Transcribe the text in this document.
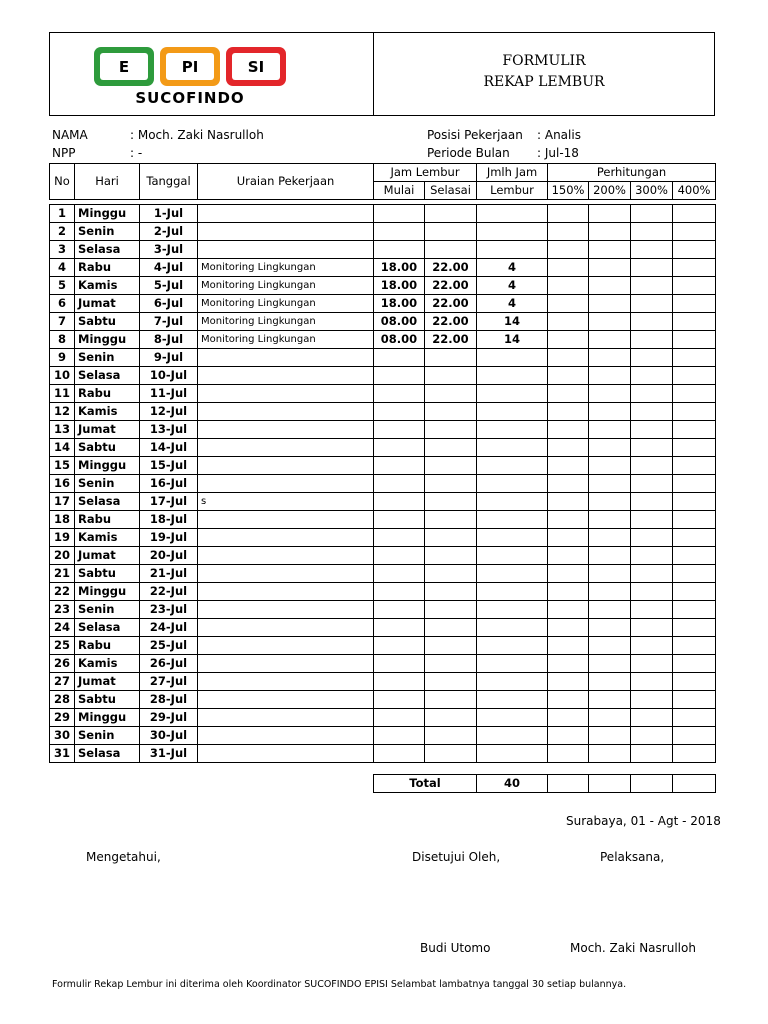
E	PI	SI
SUCOFINDO
FORMULIR
REKAP LEMBUR
NAMA	: Moch. Zaki Nasrulloh
NPP	: -
Posisi Pekerjaan : Analis
Periode Bulan : Jul-18
No	Hari	Tanggal	Uraian Pekerjaan	Jam Lembur		Jmlh Jam	Perhitungan			
				Mulai	Selasai	Lembur	150%	200%	300%	400%
1	Minggu	1-Jul								
2	Senin	2-Jul								
3	Selasa	3-Jul								
4	Rabu	4-Jul	Monitoring Lingkungan	18.00	22.00	4				
5	Kamis	5-Jul	Monitoring Lingkungan	18.00	22.00	4				
6	Jumat	6-Jul	Monitoring Lingkungan	18.00	22.00	4				
7	Sabtu	7-Jul	Monitoring Lingkungan	08.00	22.00	14				
8	Minggu	8-Jul	Monitoring Lingkungan	08.00	22.00	14				
9	Senin	9-Jul								
10	Selasa	10-Jul								
11	Rabu	11-Jul								
12	Kamis	12-Jul								
13	Jumat	13-Jul								
14	Sabtu	14-Jul								
15	Minggu	15-Jul								
16	Senin	16-Jul								
17	Selasa	17-Jul	s							
18	Rabu	18-Jul								
19	Kamis	19-Jul								
20	Jumat	20-Jul								
21	Sabtu	21-Jul								
22	Minggu	22-Jul								
23	Senin	23-Jul								
24	Selasa	24-Jul								
25	Rabu	25-Jul								
26	Kamis	26-Jul								
27	Jumat	27-Jul								
28	Sabtu	28-Jul								
29	Minggu	29-Jul								
30	Senin	30-Jul								
31	Selasa	31-Jul								
Total	40				
Surabaya, 01 - Agt - 2018
Mengetahui,	Disetujui Oleh,	Pelaksana,
Budi Utomo	Moch. Zaki Nasrulloh
Formulir Rekap Lembur ini diterima oleh Koordinator SUCOFINDO EPISI Selambat lambatnya tanggal 30 setiap bulannya.
